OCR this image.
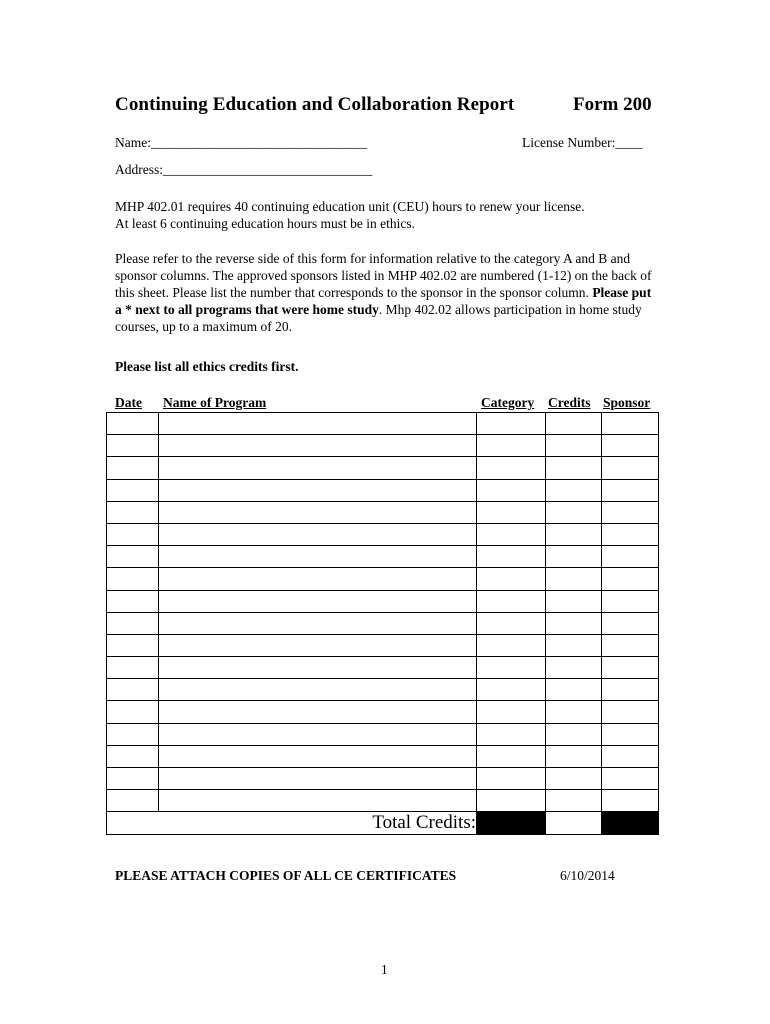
Continuing Education and Collaboration Report	Form 200
Name:________________________________	License Number:____
Address:_______________________________
MHP 402.01 requires 40 continuing education unit (CEU) hours to renew your license.
At least 6 continuing education hours must be in ethics.
Please refer to the reverse side of this form for information relative to the category A and B and sponsor columns. The approved sponsors listed in MHP 402.02 are numbered (1-12) on the back of this sheet. Please list the number that corresponds to the sponsor in the sponsor column. Please put a * next to all programs that were home study. Mhp 402.02 allows participation in home study courses, up to a maximum of 20.
Please list all ethics credits first.
Date Name of Program	Category Credits Sponsor

Total Credits:				
PLEASE ATTACH COPIES OF ALL CE CERTIFICATES	6/10/2014
1
